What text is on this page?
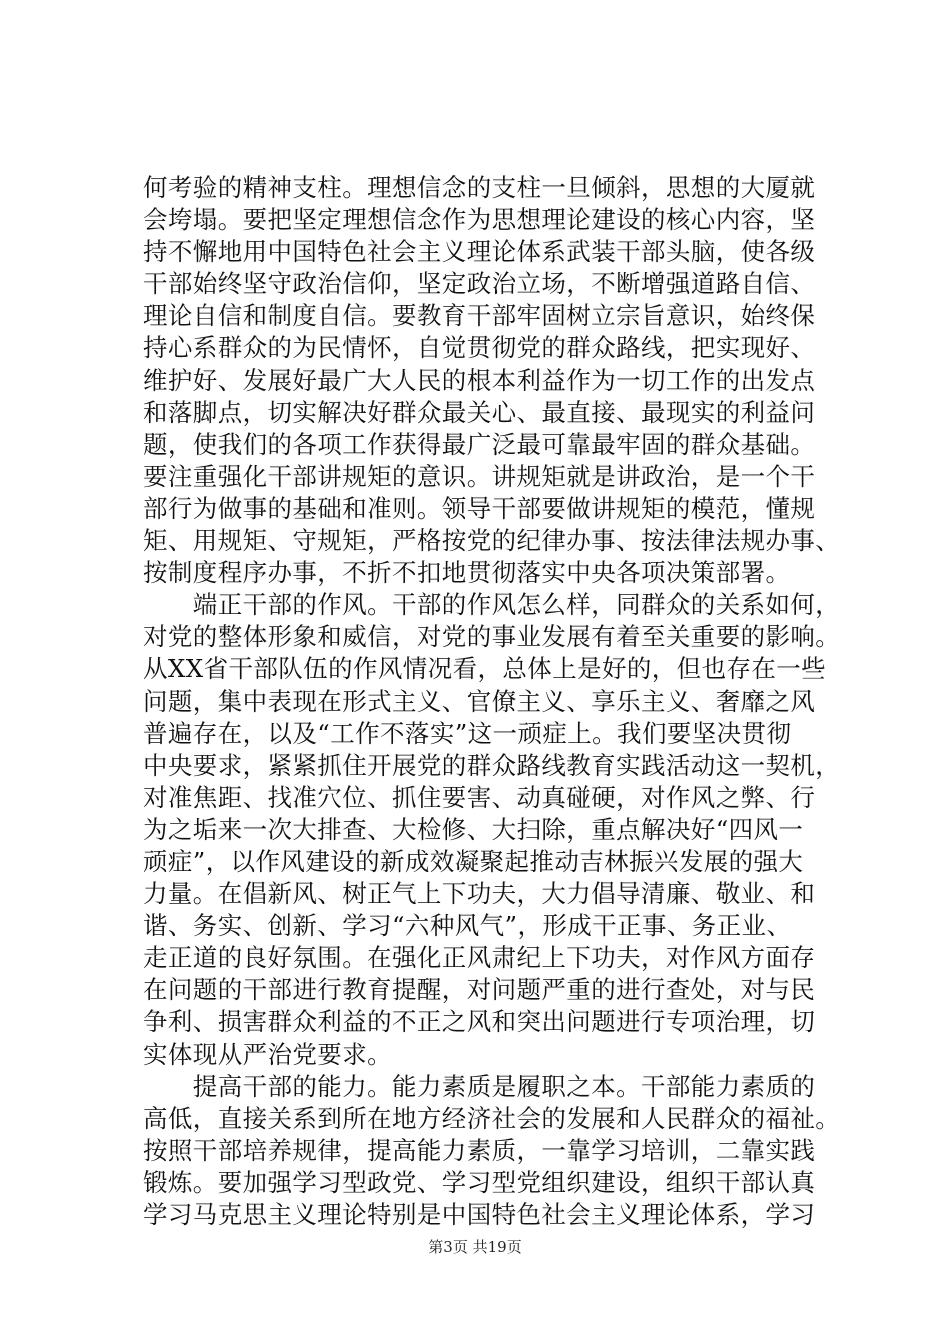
何考验的精神支柱。理想信念的支柱一旦倾斜，思想的大厦就
会垮塌。要把坚定理想信念作为思想理论建设的核心内容，坚
持不懈地用中国特色社会主义理论体系武装干部头脑，使各级
干部始终坚守政治信仰，坚定政治立场，不断增强道路自信、
理论自信和制度自信。要教育干部牢固树立宗旨意识，始终保
持心系群众的为民情怀，自觉贯彻党的群众路线，把实现好、
维护好、发展好最广大人民的根本利益作为一切工作的出发点
和落脚点，切实解决好群众最关心、最直接、最现实的利益问
题，使我们的各项工作获得最广泛最可靠最牢固的群众基础。
要注重强化干部讲规矩的意识。讲规矩就是讲政治，是一个干
部行为做事的基础和准则。领导干部要做讲规矩的模范，懂规
矩、用规矩、守规矩，严格按党的纪律办事、按法律法规办事、
按制度程序办事，不折不扣地贯彻落实中央各项决策部署。
　　端正干部的作风。干部的作风怎么样，同群众的关系如何，
对党的整体形象和威信，对党的事业发展有着至关重要的影响。
从XX省干部队伍的作风情况看，总体上是好的，但也存在一些
问题，集中表现在形式主义、官僚主义、享乐主义、奢靡之风
普遍存在，以及“工作不落实”这一顽症上。我们要坚决贯彻
中央要求，紧紧抓住开展党的群众路线教育实践活动这一契机，
对准焦距、找准穴位、抓住要害、动真碰硬，对作风之弊、行
为之垢来一次大排查、大检修、大扫除，重点解决好“四风一
顽症”，以作风建设的新成效凝聚起推动吉林振兴发展的强大
力量。在倡新风、树正气上下功夫，大力倡导清廉、敬业、和
谐、务实、创新、学习“六种风气”，形成干正事、务正业、
走正道的良好氛围。在强化正风肃纪上下功夫，对作风方面存
在问题的干部进行教育提醒，对问题严重的进行查处，对与民
争利、损害群众利益的不正之风和突出问题进行专项治理，切
实体现从严治党要求。
　　提高干部的能力。能力素质是履职之本。干部能力素质的
高低，直接关系到所在地方经济社会的发展和人民群众的福祉。
按照干部培养规律，提高能力素质，一靠学习培训，二靠实践
锻炼。要加强学习型政党、学习型党组织建设，组织干部认真
学习马克思主义理论特别是中国特色社会主义理论体系，学习
第3页 共19页
